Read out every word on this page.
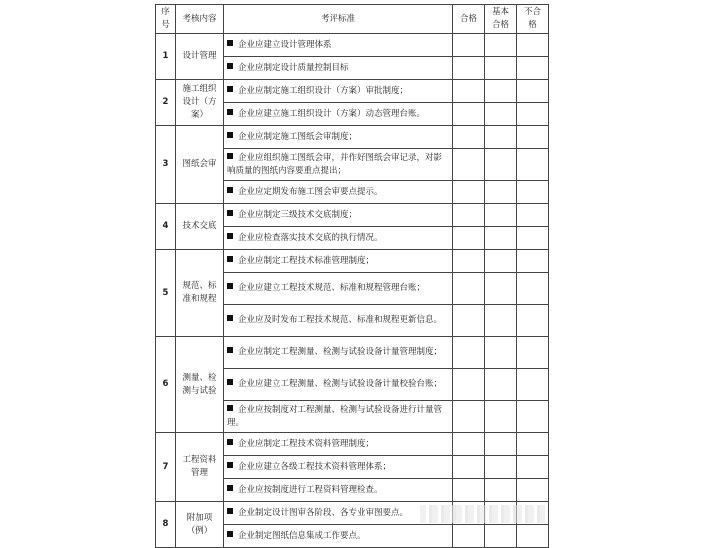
序号	考核内容	考评标准	合格	基本合格	不合格
1	设计管理	企业应建立设计管理体系			
		企业应制定设计质量控制目标			
2	施工组织设计（方案）	企业应制定施工组织设计（方案）审批制度；			
		企业应建立施工组织设计（方案）动态管理台账。			
3	图纸会审	企业应制定施工图纸会审制度；			
		企业应组织施工图纸会审，并作好图纸会审记录，对影响质量的图纸内容要重点提出；			
		企业应定期发布施工图会审要点提示。			
4	技术交底	企业应制定三级技术交底制度；			
		企业应检查落实技术交底的执行情况。			
5	规范、标准和规程	企业应制定工程技术标准管理制度；			
		企业应建立工程技术规范、标准和规程管理台账；			
		企业应及时发布工程技术规范、标准和规程更新信息。			
6	测量、检测与试验	企业应制定工程测量、检测与试验设备计量管理制度；			
		企业应建立工程测量、检测与试验设备计量校验台账；			
		企业应按制度对工程测量、检测与试验设备进行计量管理。			
7	工程资料管理	企业应制定工程技术资料管理制度；			
		企业应建立各级工程技术资料管理体系；			
		企业应按制度进行工程资料管理检查。			
8	附加项（例）	企业制定设计图审各阶段、各专业审图要点。			
		企业制定图纸信息集成工作要点。			
